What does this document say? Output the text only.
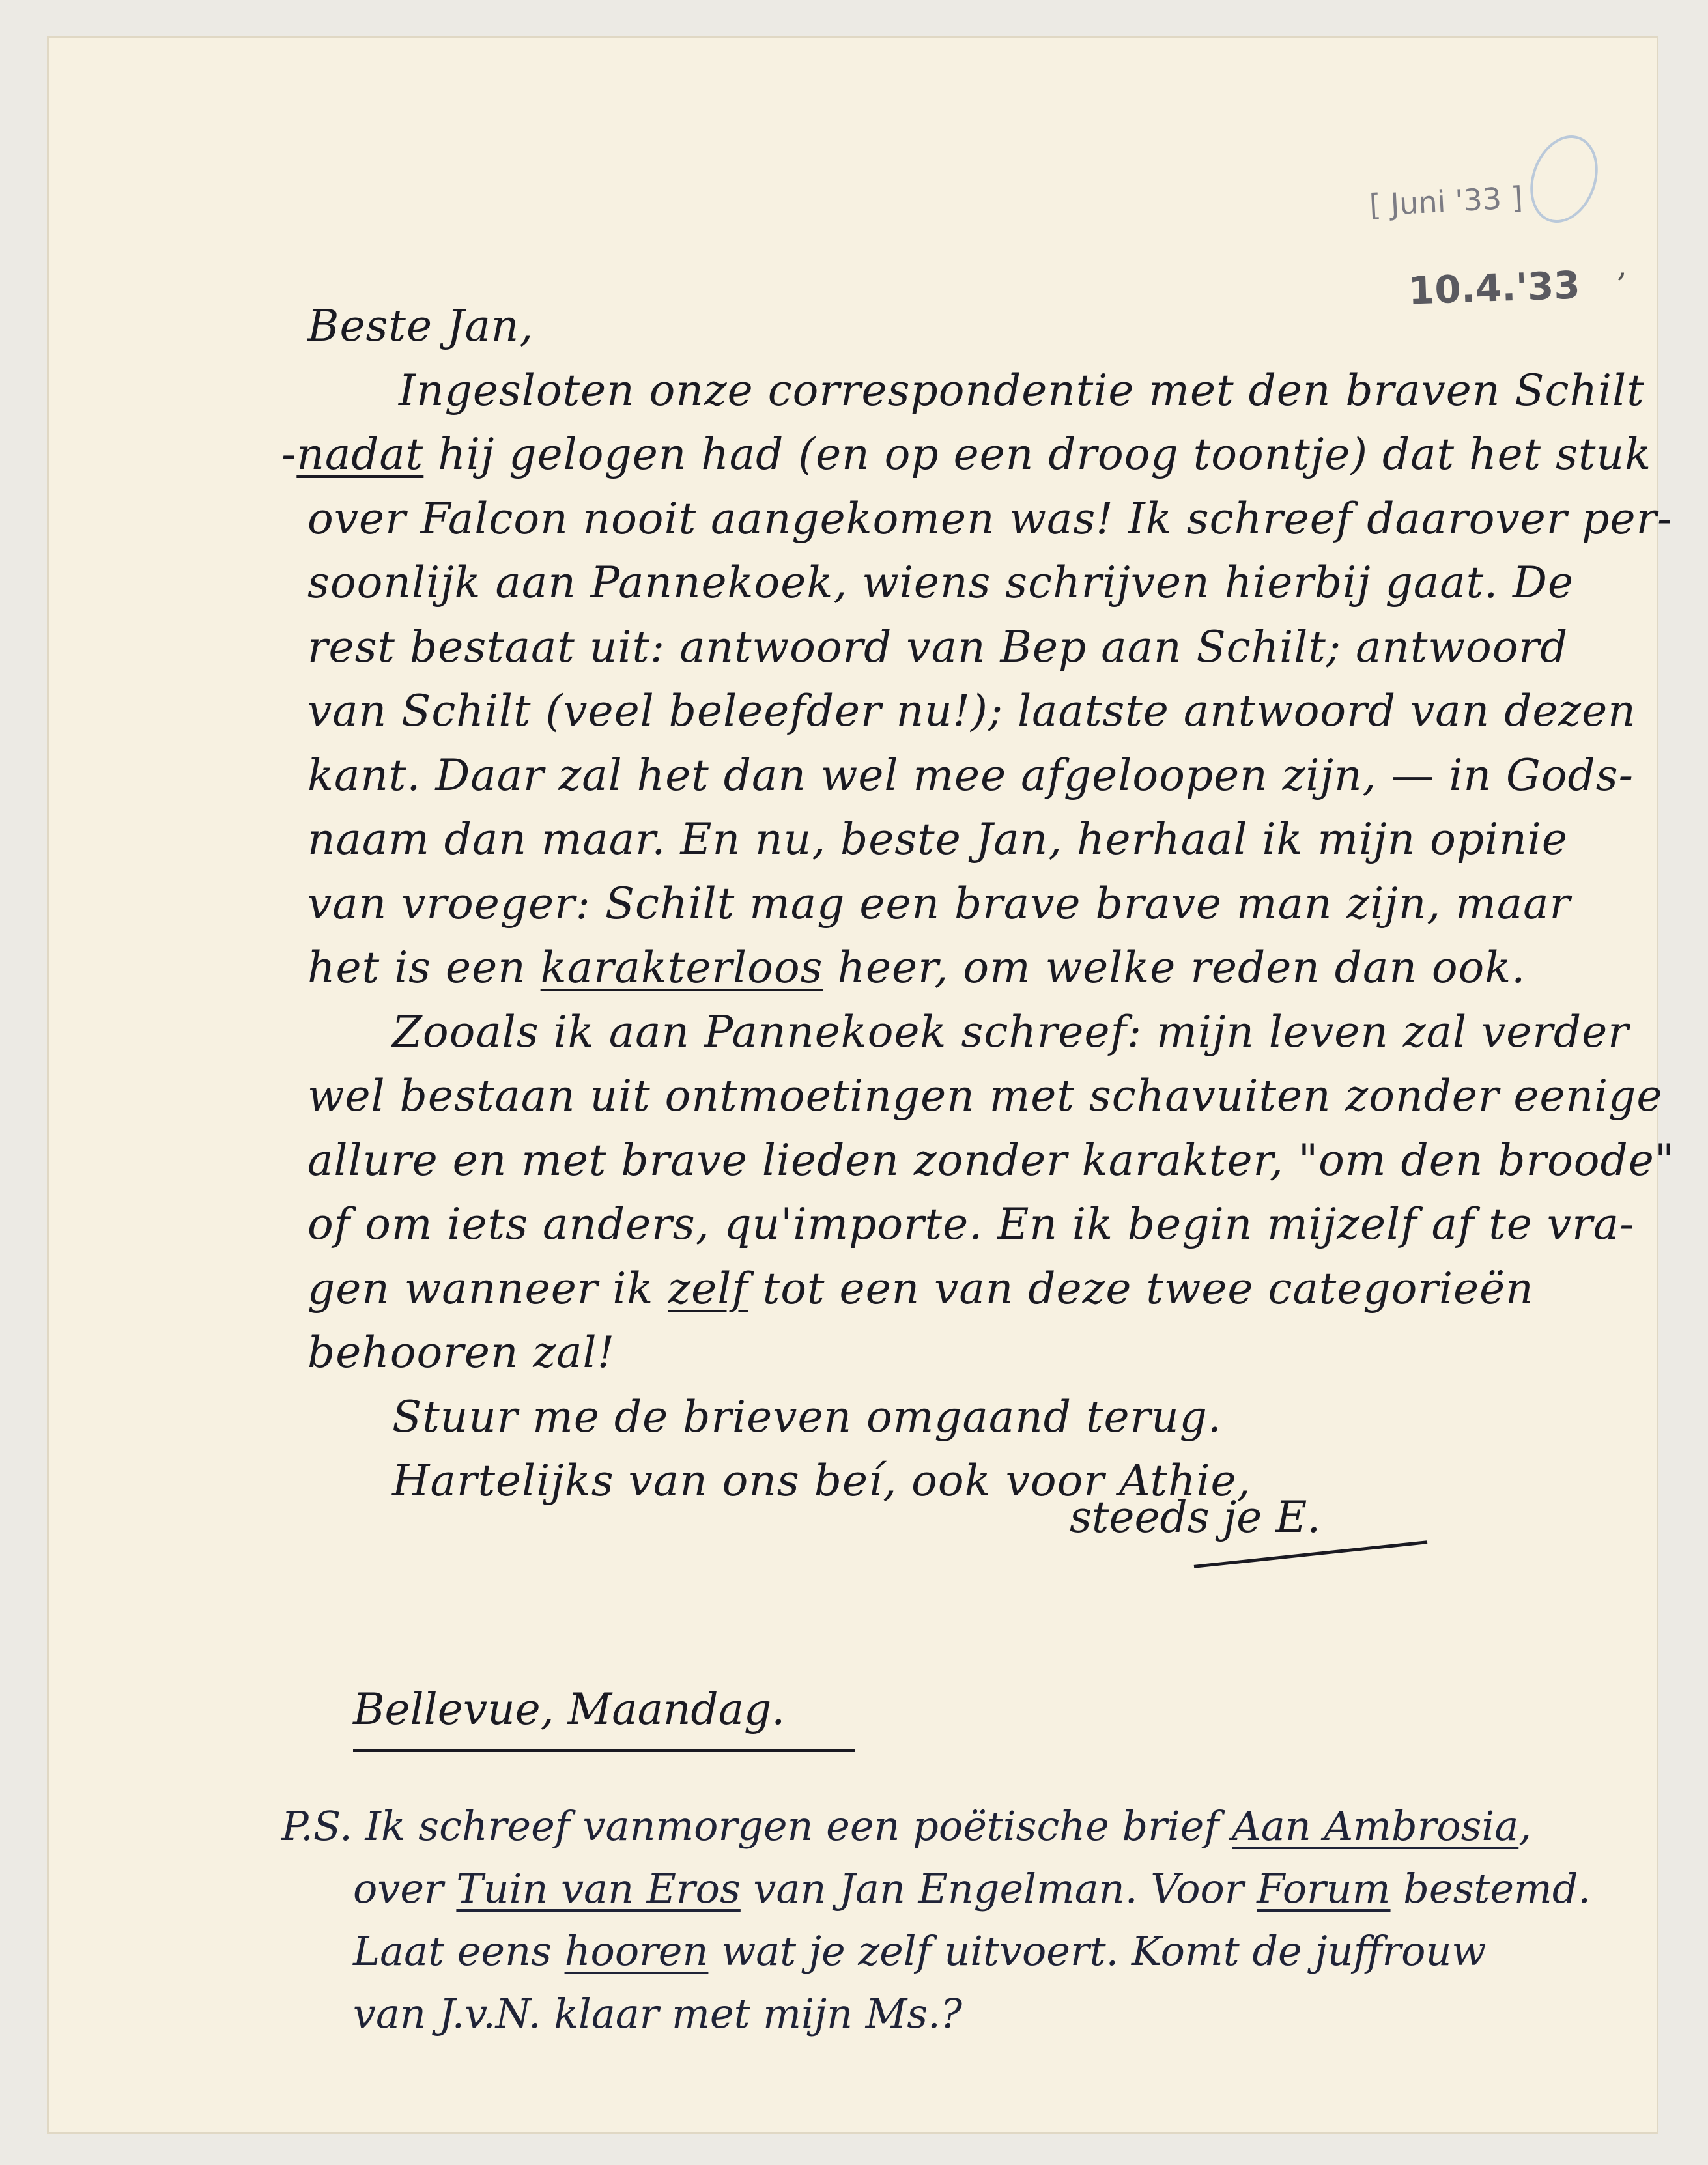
[ Juni '33 ]
10.4.'33 ,

Beste Jan,

Ingesloten onze correspondentie met den braven Schilt

-nadat hij gelogen had (en op een droog toontje) dat het stuk

over Falcon nooit aangekomen was! Ik schreef daarover per-

soonlijk aan Pannekoek, wiens schrijven hierbij gaat. De

rest bestaat uit: antwoord van Bep aan Schilt; antwoord

van Schilt (veel beleefder nu!); laatste antwoord van dezen

kant. Daar zal het dan wel mee afgeloopen zijn, — in Gods-

naam dan maar. En nu, beste Jan, herhaal ik mijn opinie

van vroeger: Schilt mag een brave brave man zijn, maar

het is een karakterloos heer, om welke reden dan ook.

Zooals ik aan Pannekoek schreef: mijn leven zal verder

wel bestaan uit ontmoetingen met schavuiten zonder eenige

allure en met brave lieden zonder karakter, "om den broode"

of om iets anders, qu'importe. En ik begin mijzelf af te vra-

gen wanneer ik zelf tot een van deze twee categorieën

behooren zal!

Stuur me de brieven omgaand terug.

Hartelijks van ons beí, ook voor Athie,

steeds je E.
Bellevue, Maandag.

P.S. Ik schreef vanmorgen een poëtische brief Aan Ambrosia,

over Tuin van Eros van Jan Engelman. Voor Forum bestemd.

Laat eens hooren wat je zelf uitvoert. Komt de juffrouw

van J.v.N. klaar met mijn Ms.?
